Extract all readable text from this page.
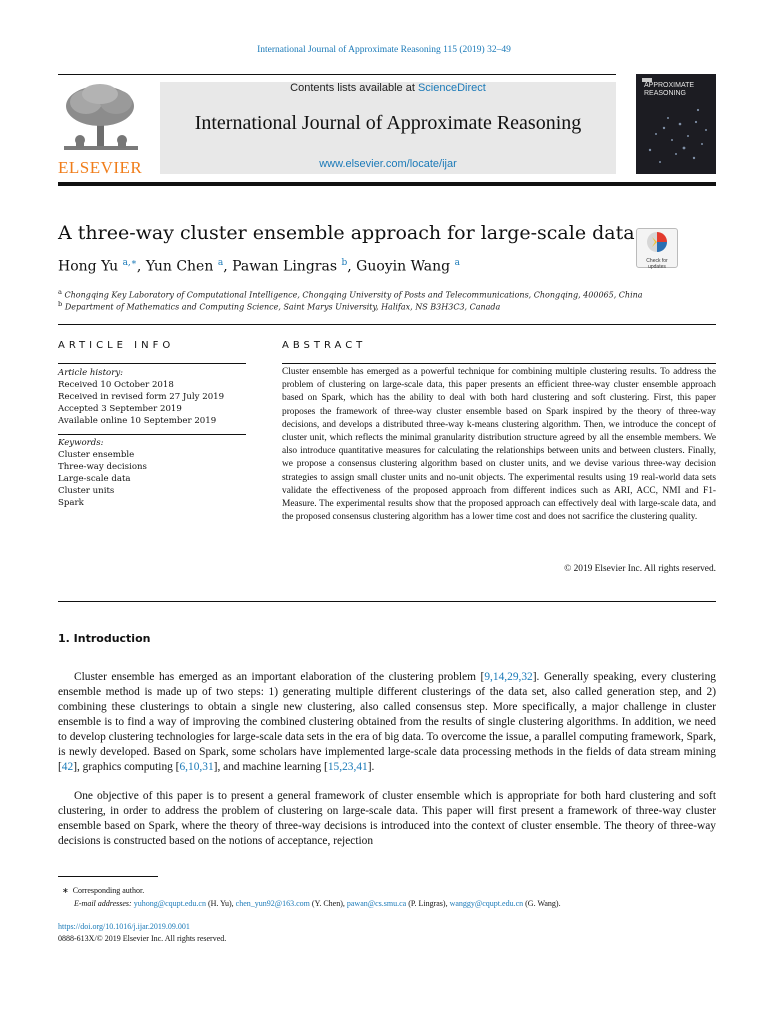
International Journal of Approximate Reasoning 115 (2019) 32–49
ELSEVIER
Contents lists available at ScienceDirect
International Journal of Approximate Reasoning
www.elsevier.com/locate/ijar
APPROXIMATE REASONING
A three-way cluster ensemble approach for large-scale data
Hong Yu $^{a,∗}$, Yun Chen $^a$, Pawan Lingras $^b$, Guoyin Wang $^a$	Check for updates
$^a$ Chongqing Key Laboratory of Computational Intelligence, Chongqing University of Posts and Telecommunications, Chongqing, 400065, China
$^b$ Department of Mathematics and Computing Science, Saint Marys University, Halifax, NS B3H3C3, Canada
ARTICLE INFO	ABSTRACT
Article history:
Received 10 October 2018
Received in revised form 27 July 2019
Accepted 3 September 2019
Available online 10 September 2019
Keywords:
Cluster ensemble
Three-way decisions
Large-scale data
Cluster units
Spark
Cluster ensemble has emerged as a powerful technique for combining multiple clustering results. To address the problem of clustering on large-scale data, this paper presents an efficient three-way cluster ensemble approach based on Spark, which has the ability to deal with both hard clustering and soft clustering. First, this paper proposes the framework of three-way cluster ensemble based on Spark inspired by the theory of three-way decisions, and develops a distributed three-way k-means clustering algorithm. Then, we introduce the concept of cluster unit, which reflects the minimal granularity distribution structure agreed by all the ensemble members. We also introduce quantitative measures for calculating the relationships between units and between clusters. Finally, we propose a consensus clustering algorithm based on cluster units, and we devise various three-way decision strategies to assign small cluster units and no-unit objects. The experimental results using 19 real-world data sets validate the effectiveness of the proposed approach from different indices such as ARI, ACC, NMI and F1-Measure. The experimental results show that the proposed approach can effectively deal with large-scale data, and the proposed consensus clustering algorithm has a lower time cost and does not sacrifice the clustering quality.
© 2019 Elsevier Inc. All rights reserved.
1. Introduction
Cluster ensemble has emerged as an important elaboration of the clustering problem [9,14,29,32]. Generally speaking, every clustering ensemble method is made up of two steps: 1) generating multiple different clusterings of the data set, also called generation step, and 2) combining these clusterings to obtain a single new clustering, also called consensus step. More specifically, a major challenge in cluster ensemble is to find a way of improving the combined clustering obtained from the results of single clustering algorithms. In addition, we need to develop clustering technologies for large-scale data sets in the era of big data. To overcome the issue, a parallel computing framework, Spark, is newly developed. Based on Spark, some scholars have implemented large-scale data processing methods in the fields of data stream mining [42], graphics computing [6,10,31], and machine learning [15,23,41].
One objective of this paper is to present a general framework of cluster ensemble which is appropriate for both hard clustering and soft clustering, in order to address the problem of clustering on large-scale data. This paper will first present a framework of three-way cluster ensemble based on Spark, where the theory of three-way decisions is introduced into the context of cluster ensemble. The theory of three-way decisions is constructed based on the notions of acceptance, rejection
∗ Corresponding author.
E-mail addresses: yuhong@cqupt.edu.cn (H. Yu), chen_yun92@163.com (Y. Chen), pawan@cs.smu.ca (P. Lingras), wanggy@cqupt.edu.cn (G. Wang).
https://doi.org/10.1016/j.ijar.2019.09.001
0888-613X/© 2019 Elsevier Inc. All rights reserved.
